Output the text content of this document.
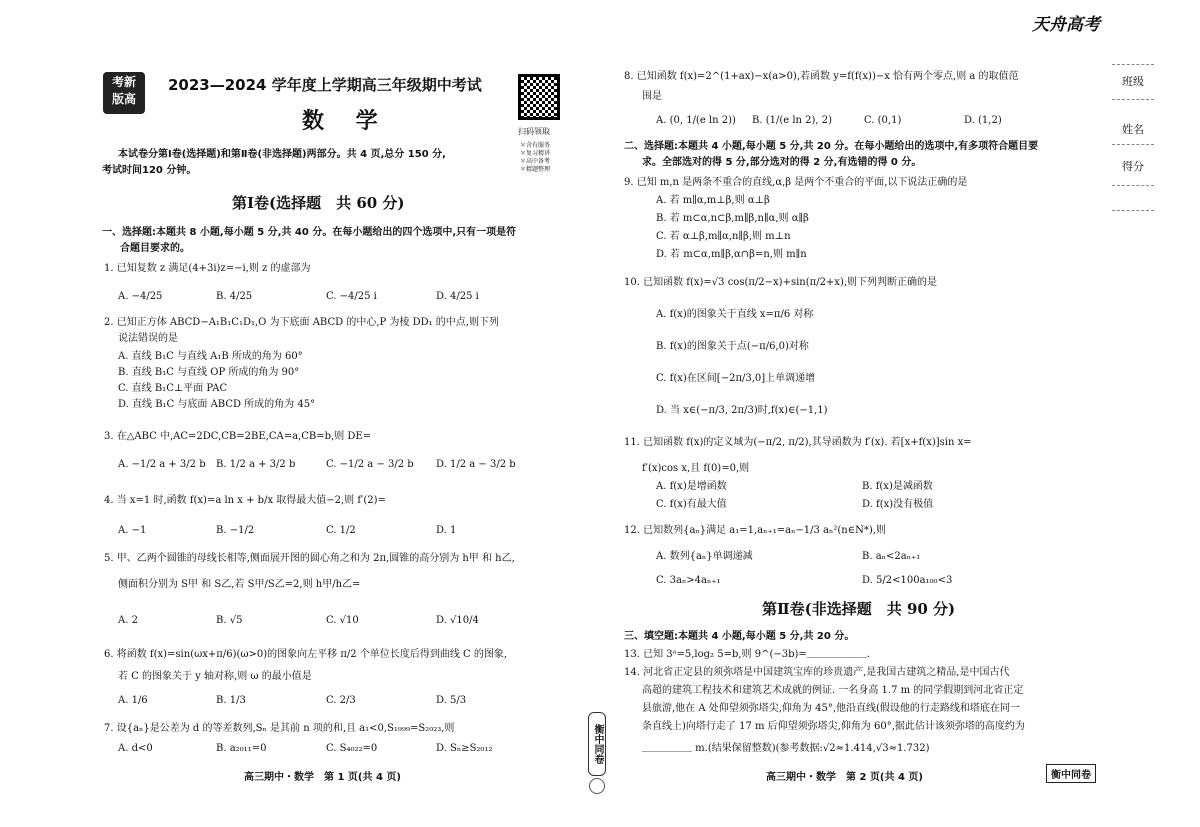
天舟高考
班级
姓名
得分
考新
版高
2023—2024 学年度上学期高三年级期中考试
数 学	扫码领取
＊含有服务
＊复习精讲
＊高中备考
＊精题整理
本试卷分第Ⅰ卷(选择题)和第Ⅱ卷(非选择题)两部分。共 4 页,总分 150 分,
考试时间120 分钟。
第Ⅰ卷(选择题　共 60 分)
一、选择题:本题共 8 小题,每小题 5 分,共 40 分。在每小题给出的四个选项中,只有一项是符
合题目要求的。
1. 已知复数 z 满足(4+3i)z=−i,则 z 的虚部为
A. −4/25	B. 4/25	C. −4/25 i	D. 4/25 i
2. 已知正方体 ABCD−A₁B₁C₁D₁,O 为下底面 ABCD 的中心,P 为棱 DD₁ 的中点,则下列
说法错误的是
A. 直线 B₁C 与直线 A₁B 所成的角为 60°
B. 直线 B₁C 与直线 OP 所成的角为 90°
C. 直线 B₁C⊥平面 PAC
D. 直线 B₁C 与底面 ABCD 所成的角为 45°
3. 在△ABC 中,AC=2DC,CB=2BE,CA=a,CB=b,则 DE=
A. −1/2 a + 3/2 b B. 1/2 a + 3/2 b	C. −1/2 a − 3/2 b D. 1/2 a − 3/2 b
4. 当 x=1 时,函数 f(x)=a ln x + b/x 取得最大值−2,则 f′(2)=
A. −1	B. −1/2	C. 1/2	D. 1
5. 甲、乙两个圆锥的母线长相等,侧面展开图的圆心角之和为 2π,圆锥的高分别为 h甲 和 h乙,
侧面积分别为 S甲 和 S乙,若 S甲/S乙=2,则 h甲/h乙=
A. 2	B. √5	C. √10	D. √10/4
6. 将函数 f(x)=sin(ωx+π/6)(ω>0)的图象向左平移 π/2 个单位长度后得到曲线 C 的图象,
若 C 的图象关于 y 轴对称,则 ω 的最小值是
A. 1/6	B. 1/3	C. 2/3	D. 5/3
7. 设{aₙ}是公差为 d 的等差数列,Sₙ 是其前 n 项的和,且 a₁<0,S₁₉₉₉=S₂₀₂₃,则
A. d<0	B. a₂₀₁₁=0	C. S₄₀₂₂=0	D. Sₙ≥S₂₀₁₂
高三期中・数学　第 1 页(共 4 页)
衡中同卷
8. 已知函数 f(x)=2^(1+ax)−x(a>0),若函数 y=f(f(x))−x 恰有两个零点,则 a 的取值范
围是
A. (0, 1/(e ln 2)) B. (1/(e ln 2), 2)	C. (0,1)	D. (1,2)
二、选择题:本题共 4 小题,每小题 5 分,共 20 分。在每小题给出的选项中,有多项符合题目要
求。全部选对的得 5 分,部分选对的得 2 分,有选错的得 0 分。
9. 已知 m,n 是两条不重合的直线,α,β 是两个不重合的平面,以下说法正确的是
A. 若 m∥α,m⊥β,则 α⊥β
B. 若 m⊂α,n⊂β,m∥β,n∥α,则 α∥β
C. 若 α⊥β,m∥α,n∥β,则 m⊥n
D. 若 m⊂α,m∥β,α∩β=n,则 m∥n
10. 已知函数 f(x)=√3 cos(π/2−x)+sin(π/2+x),则下列判断正确的是
A. f(x)的图象关于直线 x=π/6 对称
B. f(x)的图象关于点(−π/6,0)对称
C. f(x)在区间[−2π/3,0]上单调递增
D. 当 x∈(−π/3, 2π/3)时,f(x)∈(−1,1)
11. 已知函数 f(x)的定义域为(−π/2, π/2),其导函数为 f′(x). 若[x+f(x)]sin x=
f′(x)cos x,且 f(0)=0,则
A. f(x)是增函数	B. f(x)是减函数
C. f(x)有最大值	D. f(x)没有极值
12. 已知数列{aₙ}满足 a₁=1,aₙ₊₁=aₙ−1/3 aₙ²(n∈N*),则
A. 数列{aₙ}单调递减	B. aₙ<2aₙ₊₁
C. 3aₙ>4aₙ₊₁	D. 5/2<100a₁₀₀<3
第Ⅱ卷(非选择题　共 90 分)
三、填空题:本题共 4 小题,每小题 5 分,共 20 分。
13. 已知 3ᵃ=5,log₂ 5=b,则 9^(−3b)=＿＿＿＿＿＿.
14. 河北省正定县的须弥塔是中国建筑宝库的珍贵遗产,是我国古建筑之精品,是中国古代
高超的建筑工程技术和建筑艺术成就的例证. 一名身高 1.7 m 的同学假期到河北省正定
县旅游,他在 A 处仰望须弥塔尖,仰角为 45°,他沿直线(假设他的行走路线和塔底在同一
条直线上)向塔行走了 17 m 后仰望须弥塔尖,仰角为 60°,据此估计该须弥塔的高度约为
＿＿＿＿＿ m.(结果保留整数)(参考数据:√2≈1.414,√3≈1.732)
高三期中・数学　第 2 页(共 4 页)	衡中同卷
